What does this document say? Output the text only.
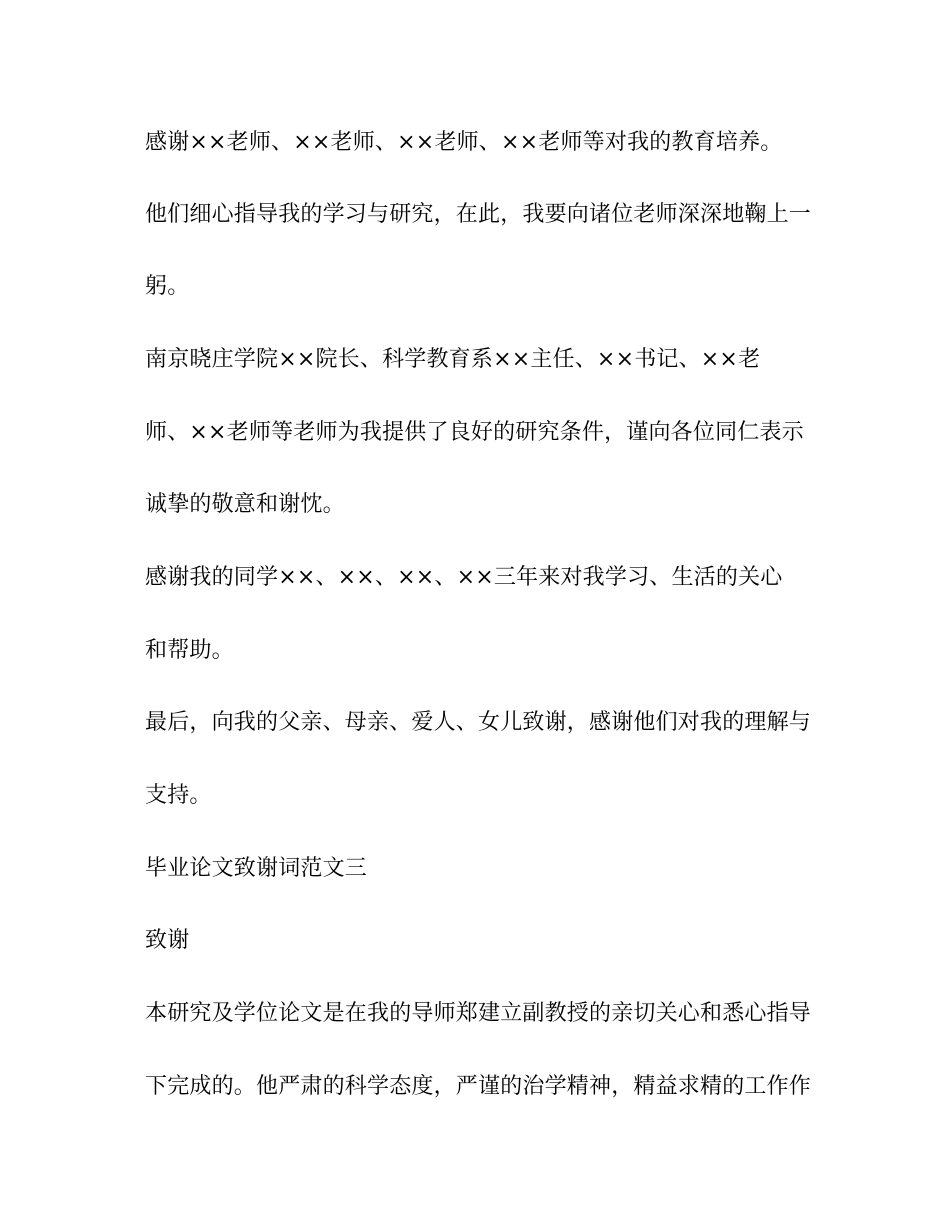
感谢××老师、××老师、××老师、××老师等对我的教育培养。
他们细心指导我的学习与研究，在此，我要向诸位老师深深地鞠上一
躬。
南京晓庄学院××院长、科学教育系××主任、××书记、××老
师、××老师等老师为我提供了良好的研究条件，谨向各位同仁表示
诚挚的敬意和谢忱。
感谢我的同学××、××、××、××三年来对我学习、生活的关心
和帮助。
最后，向我的父亲、母亲、爱人、女儿致谢，感谢他们对我的理解与
支持。
毕业论文致谢词范文三
致谢
本研究及学位论文是在我的导师郑建立副教授的亲切关心和悉心指导
下完成的。他严肃的科学态度，严谨的治学精神，精益求精的工作作
